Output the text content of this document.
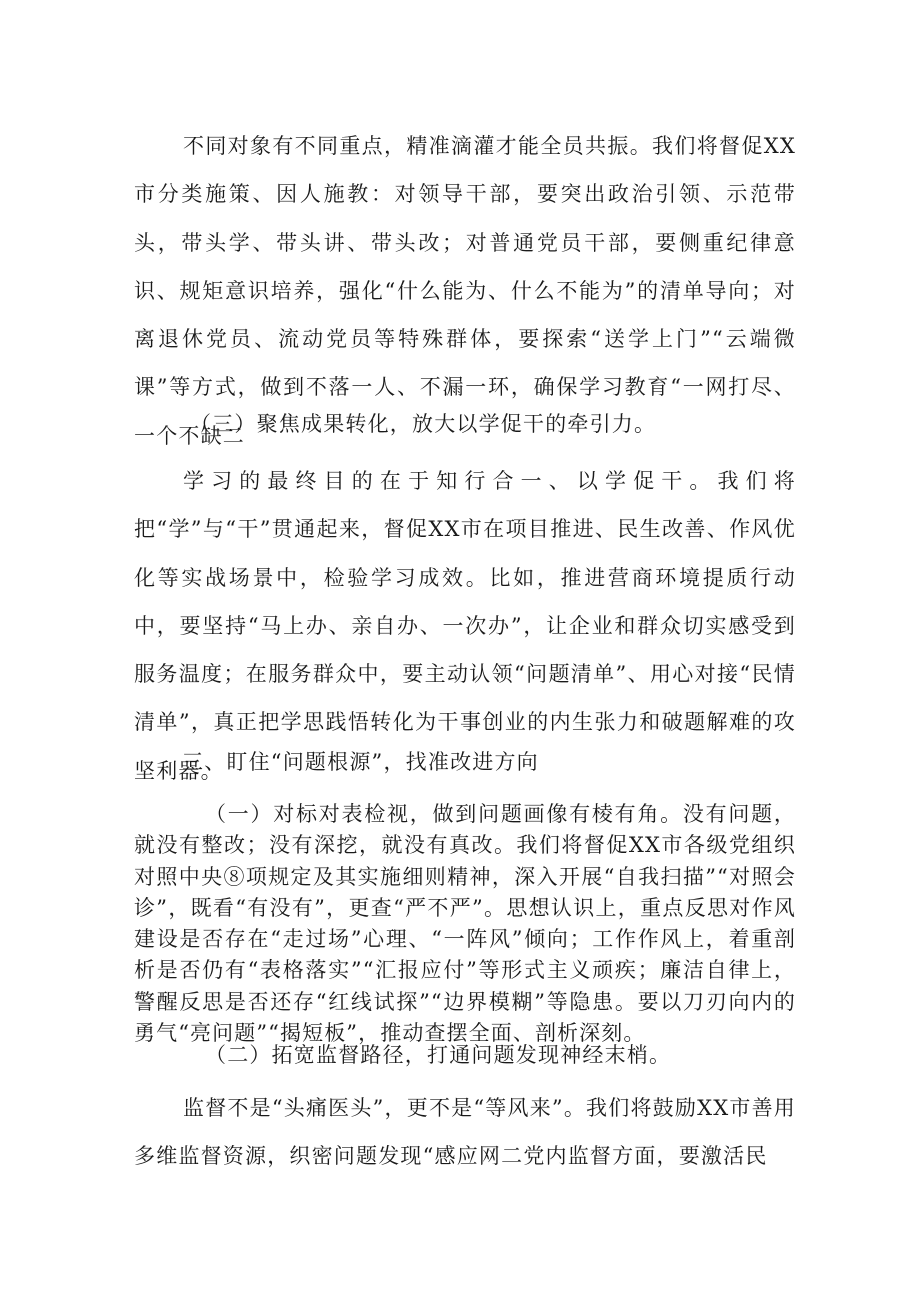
不同对象有不同重点，精准滴灌才能全员共振。我们将督促XX市分类施策、因人施教：对领导干部，要突出政治引领、示范带头，带头学、带头讲、带头改；对普通党员干部，要侧重纪律意识、规矩意识培养，强化“什么能为、什么不能为”的清单导向；对离退休党员、流动党员等特殊群体，要探索“送学上门”“云端微课”等方式，做到不落一人、不漏一环，确保学习教育“一网打尽、一个不缺二

（三）聚焦成果转化，放大以学促干的牵引力。

学习的最终目的在于知行合一、以学促干。我们将把“学”与“干”贯通起来，督促XX市在项目推进、民生改善、作风优化等实战场景中，检验学习成效。比如，推进营商环境提质行动中，要坚持“马上办、亲自办、一次办”，让企业和群众切实感受到服务温度；在服务群众中，要主动认领“问题清单”、用心对接“民情清单”，真正把学思践悟转化为干事创业的内生张力和破题解难的攻坚利器。

三、盯住“问题根源”，找准改进方向

（一）对标对表检视，做到问题画像有棱有角。没有问题，就没有整改；没有深挖，就没有真改。我们将督促XX市各级党组织对照中央⑧项规定及其实施细则精神，深入开展“自我扫描”“对照会诊”，既看“有没有”，更查“严不严”。思想认识上，重点反思对作风建设是否存在“走过场”心理、“一阵风”倾向；工作作风上，着重剖析是否仍有“表格落实”“汇报应付”等形式主义顽疾；廉洁自律上，警醒反思是否还存“红线试探”“边界模糊”等隐患。要以刀刃向内的勇气“亮问题”“揭短板”，推动查摆全面、剖析深刻。

（二）拓宽监督路径，打通问题发现神经末梢。

监督不是“头痛医头”，更不是“等风来”。我们将鼓励XX市善用多维监督资源，织密问题发现“感应网二党内监督方面，要激活民
